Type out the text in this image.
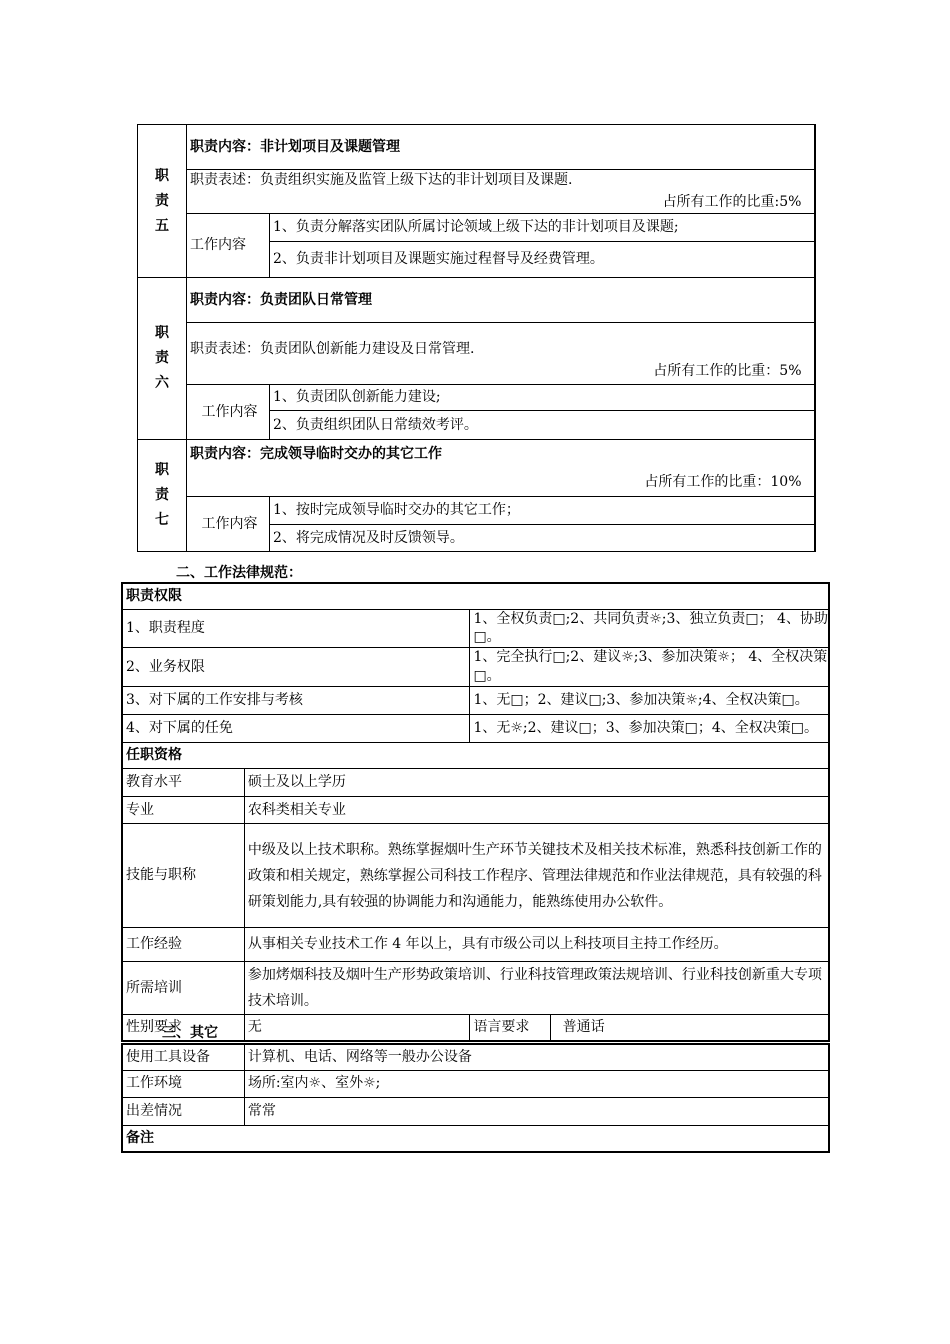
职
责
五	职责内容：非计划项目及课题管理	
	职责表述：负责组织实施及监管上级下达的非计划项目及课题.	
	占所有工作的比重:5%	
	工作内容	1、负责分解落实团队所属讨论领域上级下达的非计划项目及课题;
		2、负责非计划项目及课题实施过程督导及经费管理。

职
责
六	职责内容：负责团队日常管理	
	职责表述：负责团队创新能力建设及日常管理.	
	占所有工作的比重：5%	
	工作内容	1、负责团队创新能力建设;
		2、负责组织团队日常绩效考评。

职
责
七	职责内容：完成领导临时交办的其它工作	
	占所有工作的比重：10%	
	工作内容	1、按时完成领导临时交办的其它工作；
		2、将完成情况及时反馈领导。
二、工作法律规范：
职责权限			
1、职责程度		1、全权负责□;2、共同负责☼;3、独立负责□； 4、协助□。	
2、业务权限		1、完全执行□;2、建议☼;3、参加决策☼； 4、全权决策□。	
3、对下属的工作安排与考核		1、无□；2、建议□;3、参加决策☼;4、全权决策□。	
4、对下属的任免		1、无☼;2、建议□；3、参加决策□；4、全权决策□。	
任职资格			
教育水平	硕士及以上学历		
专业	农科类相关专业		
技能与职称	中级及以上技术职称。熟练掌握烟叶生产环节关键技术及相关技术标准，熟悉科技创新工作的政策和相关规定，熟练掌握公司科技工作程序、管理法律规范和作业法律规范，具有较强的科研策划能力,具有较强的协调能力和沟通能力，能熟练使用办公软件。		
工作经验	从事相关专业技术工作 4 年以上，具有市级公司以上科技项目主持工作经历。		
所需培训	参加烤烟科技及烟叶生产形势政策培训、行业科技管理政策法规培训、行业科技创新重大专项技术培训。		
性别要求	无	语言要求	普通话
三、其它
使用工具设备	计算机、电话、网络等一般办公设备
工作环境	场所:室内☼、室外☼;
出差情况	常常
备注	
